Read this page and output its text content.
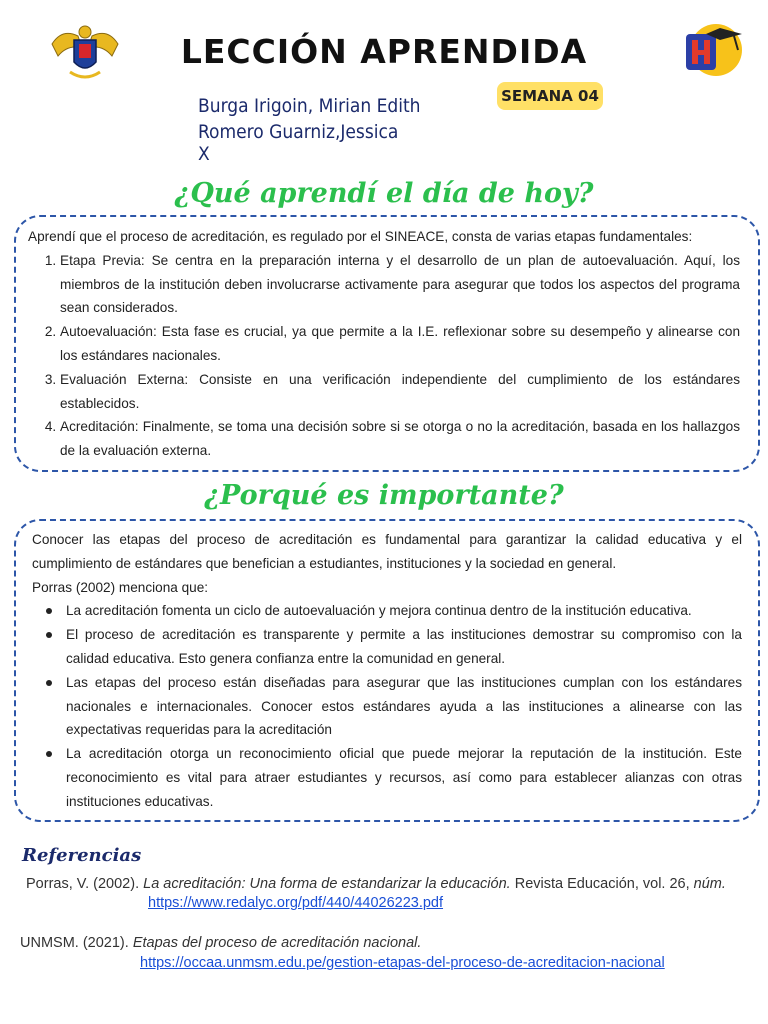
LECCIÓN APRENDIDA
SEMANA 04
Burga Irigoin, Mirian Edith
Romero Guarniz,Jessica
X
¿Qué aprendí el día de hoy?

Aprendí que el proceso de acreditación, es regulado por el SINEACE, consta de varias etapas fundamentales:

1. Etapa Previa: Se centra en la preparación interna y el desarrollo de un plan de autoevaluación. Aquí, los miembros de la institución deben involucrarse activamente para asegurar que todos los aspectos del programa sean considerados.
2. Autoevaluación: Esta fase es crucial, ya que permite a la I.E. reflexionar sobre su desempeño y alinearse con los estándares nacionales.
3. Evaluación Externa: Consiste en una verificación independiente del cumplimiento de los estándares establecidos.
4. Acreditación: Finalmente, se toma una decisión sobre si se otorga o no la acreditación, basada en los hallazgos de la evaluación externa.
¿Porqué es importante?

Conocer las etapas del proceso de acreditación es fundamental para garantizar la calidad educativa y el cumplimiento de estándares que benefician a estudiantes, instituciones y la sociedad en general.

Porras (2002) menciona que:

La acreditación fomenta un ciclo de autoevaluación y mejora continua dentro de la institución educativa.
El proceso de acreditación es transparente y permite a las instituciones demostrar su compromiso con la calidad educativa. Esto genera confianza entre la comunidad en general.
Las etapas del proceso están diseñadas para asegurar que las instituciones cumplan con los estándares nacionales e internacionales. Conocer estos estándares ayuda a las instituciones a alinearse con las expectativas requeridas para la acreditación
La acreditación otorga un reconocimiento oficial que puede mejorar la reputación de la institución. Este reconocimiento es vital para atraer estudiantes y recursos, así como para establecer alianzas con otras instituciones educativas.
Referencias
Porras, V. (2002). La acreditación: Una forma de estandarizar la educación. Revista Educación, vol. 26, núm.
https://www.redalyc.org/pdf/440/44026223.pdf
UNMSM. (2021). Etapas del proceso de acreditación nacional.
https://occaa.unmsm.edu.pe/gestion-etapas-del-proceso-de-acreditacion-nacional
